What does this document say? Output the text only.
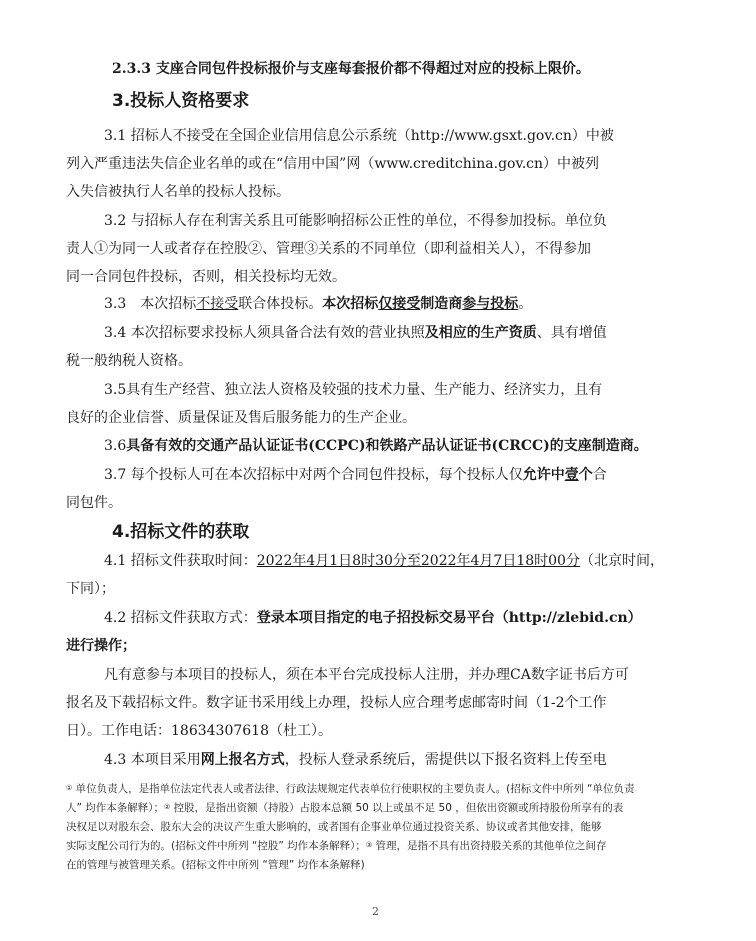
2.3.3 支座合同包件投标报价与支座每套报价都不得超过对应的投标上限价。
3.投标人资格要求
3.1 招标人不接受在全国企业信用信息公示系统（http://www.gsxt.gov.cn）中被
列入严重违法失信企业名单的或在“信用中国”网（www.creditchina.gov.cn）中被列
入失信被执行人名单的投标人投标。
3.2 与招标人存在利害关系且可能影响招标公正性的单位，不得参加投标。单位负
责人①为同一人或者存在控股②、管理③关系的不同单位（即利益相关人），不得参加
同一合同包件投标，否则，相关投标均无效。
3.3　本次招标不接受联合体投标。本次招标仅接受制造商参与投标。
3.4 本次招标要求投标人须具备合法有效的营业执照及相应的生产资质、具有增值
税一般纳税人资格。
3.5具有生产经营、独立法人资格及较强的技术力量、生产能力、经济实力，且有
良好的企业信誉、质量保证及售后服务能力的生产企业。
3.6具备有效的交通产品认证证书(CCPC)和铁路产品认证证书(CRCC)的支座制造商。
3.7 每个投标人可在本次招标中对两个合同包件投标，每个投标人仅允许中壹个合
同包件。
4.招标文件的获取
4.1 招标文件获取时间：2022年4月1日8时30分至2022年4月7日18时00分（北京时间，
下同）；
4.2 招标文件获取方式：登录本项目指定的电子招投标交易平台（http://zlebid.cn）
进行操作；
凡有意参与本项目的投标人，须在本平台完成投标人注册，并办理CA数字证书后方可
报名及下载招标文件。数字证书采用线上办理，投标人应合理考虑邮寄时间（1-2个工作
日）。工作电话：18634307618（杜工）。
4.3 本项目采用网上报名方式，投标人登录系统后，需提供以下报名资料上传至电
① 单位负责人，是指单位法定代表人或者法律、行政法规规定代表单位行使职权的主要负责人。(招标文件中所列 “单位负责
人” 均作本条解释）；② 控股，是指出资额（持股）占股本总额 50 以上或虽不足 50 ，但依出资额或所持股份所享有的表
决权足以对股东会、股东大会的决议产生重大影响的，或者国有企事业单位通过投资关系、协议或者其他安排，能够
实际支配公司行为的。(招标文件中所列 “控股” 均作本条解释）；③ 管理，是指不具有出资持股关系的其他单位之间存
在的管理与被管理关系。(招标文件中所列 “管理” 均作本条解释)
2
